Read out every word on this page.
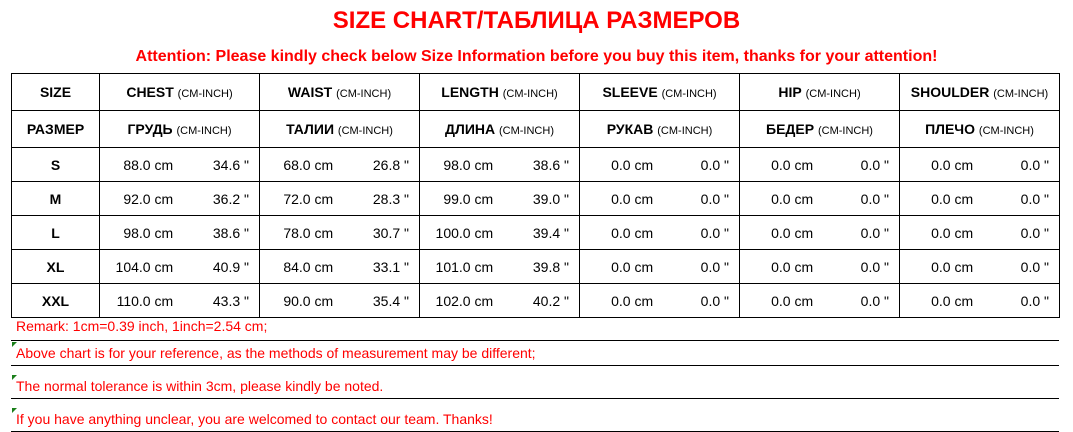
SIZE CHART/ТАБЛИЦА РАЗМЕРОВ
Attention: Please kindly check below Size Information before you buy this item, thanks for your attention!
SIZE	CHEST (CM-INCH)	WAIST (CM-INCH)	LENGTH (CM-INCH)	SLEEVE (CM-INCH)	HIP (CM-INCH)	SHOULDER (CM-INCH)
РАЗМЕР	ГРУДЬ (CM-INCH)	ТАЛИИ (CM-INCH)	ДЛИНА (CM-INCH)	РУКАВ (CM-INCH)	БЕДЕР (CM-INCH)	ПЛЕЧО (CM-INCH)
S	88.0 cm 34.6 "	68.0 cm 26.8 "	98.0 cm 38.6 "	0.0 cm 0.0 "	0.0 cm 0.0 "	0.0 cm 0.0 "

M	92.0 cm 36.2 "	72.0 cm 28.3 "	99.0 cm 39.0 "	0.0 cm 0.0 "	0.0 cm 0.0 "	0.0 cm 0.0 "

L	98.0 cm 38.6 "	78.0 cm 30.7 "	100.0 cm 39.4 "	0.0 cm 0.0 "	0.0 cm 0.0 "	0.0 cm 0.0 "

XL	104.0 cm 40.9 "	84.0 cm 33.1 "	101.0 cm 39.8 "	0.0 cm 0.0 "	0.0 cm 0.0 "	0.0 cm 0.0 "

XXL	110.0 cm 43.3 "	90.0 cm 35.4 "	102.0 cm 40.2 "	0.0 cm 0.0 "	0.0 cm 0.0 "	0.0 cm 0.0 "
Remark: 1cm=0.39 inch, 1inch=2.54 cm;
Above chart is for your reference, as the methods of measurement may be different;
The normal tolerance is within 3cm, please kindly be noted.
If you have anything unclear, you are welcomed to contact our team. Thanks!
